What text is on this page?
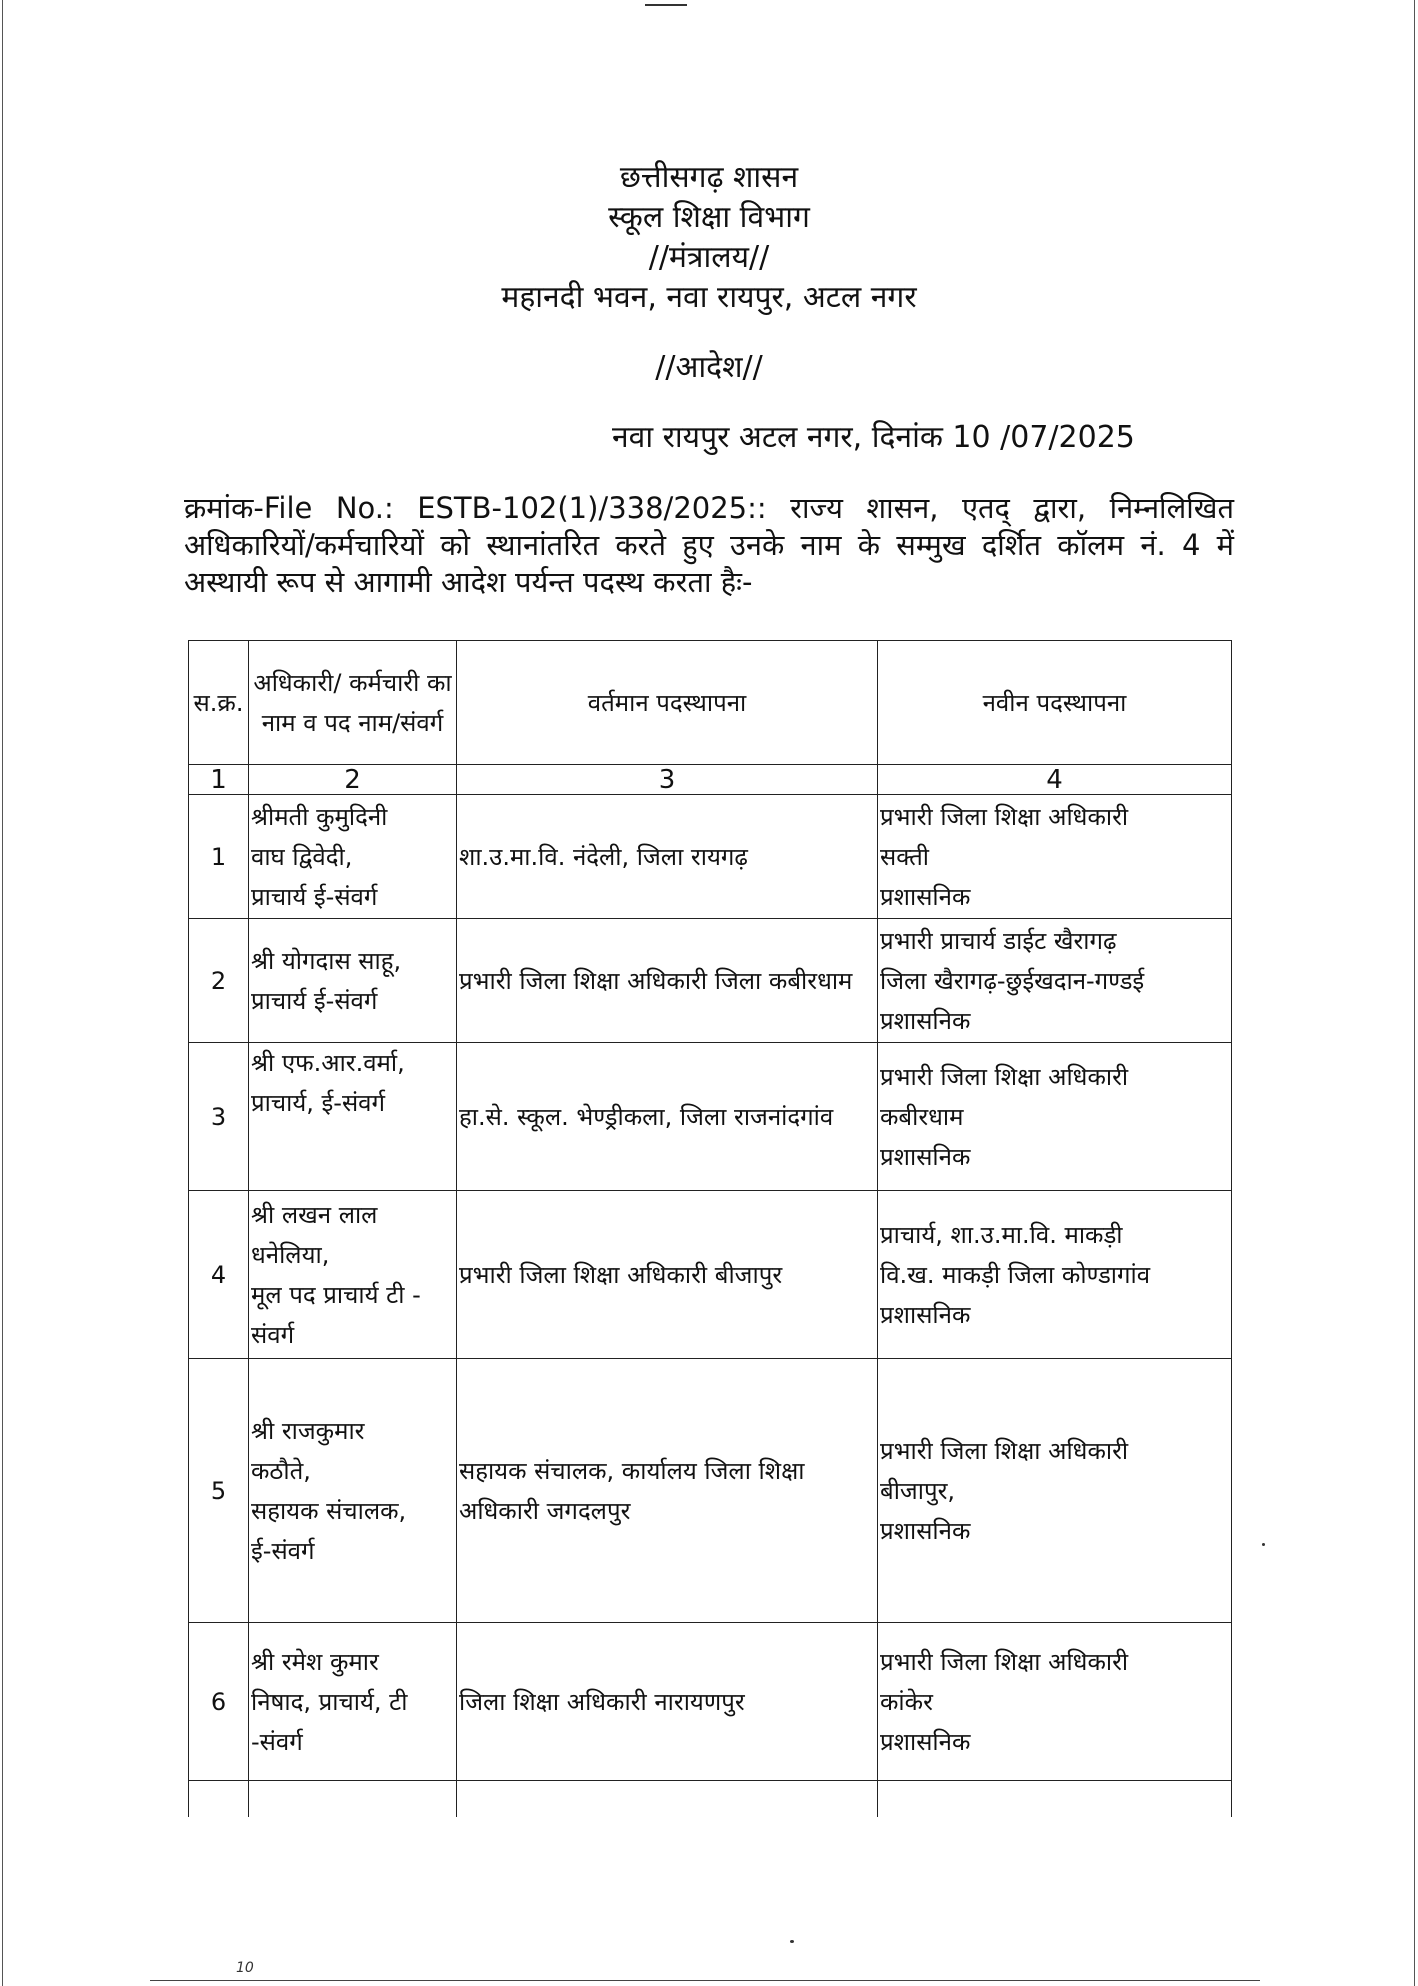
छत्तीसगढ़ शासन
स्कूल शिक्षा विभाग
//मंत्रालय//
महानदी भवन, नवा रायपुर, अटल नगर
//आदेश//
नवा रायपुर अटल नगर, दिनांक 10 /07/2025
क्रमांक-File No.: ESTB-102(1)/338/2025:: राज्य शासन, एतद् द्वारा, निम्नलिखित अधिकारियों/कर्मचारियों को स्थानांतरित करते हुए उनके नाम के सम्मुख दर्शित कॉलम नं. 4 में अस्थायी रूप से आगामी आदेश पर्यन्त पदस्थ करता हैः-
स.क्र.	अधिकारी/ कर्मचारी का नाम व पद नाम/संवर्ग	वर्तमान पदस्थापना	नवीन पदस्थापना
1	2	3	4
1	श्रीमती कुमुदिनी
वाघ द्विवेदी,
प्राचार्य ई-संवर्ग	शा.उ.मा.वि. नंदेली, जिला रायगढ़	प्रभारी जिला शिक्षा अधिकारी
सक्ती
प्रशासनिक

2	श्री योगदास साहू,
प्राचार्य ई-संवर्ग	प्रभारी जिला शिक्षा अधिकारी जिला कबीरधाम	प्रभारी प्राचार्य डाईट खैरागढ़
जिला खैरागढ़-छुईखदान-गण्डई
प्रशासनिक

3	श्री एफ.आर.वर्मा,
प्राचार्य, ई-संवर्ग	हा.से. स्कूल. भेण्ड्रीकला, जिला राजनांदगांव	प्रभारी जिला शिक्षा अधिकारी
कबीरधाम
प्रशासनिक

4	श्री लखन लाल
धनेलिया,
मूल पद प्राचार्य टी -
संवर्ग	प्रभारी जिला शिक्षा अधिकारी बीजापुर	प्राचार्य, शा.उ.मा.वि. माकड़ी
वि.ख. माकड़ी जिला कोण्डागांव
प्रशासनिक

5	श्री राजकुमार
कठौते,
सहायक संचालक,
ई-संवर्ग	सहायक संचालक, कार्यालय जिला शिक्षा अधिकारी जगदलपुर	प्रभारी जिला शिक्षा अधिकारी
बीजापुर,
प्रशासनिक

6	श्री रमेश कुमार
निषाद, प्राचार्य, टी
-संवर्ग	जिला शिक्षा अधिकारी नारायणपुर	प्रभारी जिला शिक्षा अधिकारी
कांकेर
प्रशासनिक

10
